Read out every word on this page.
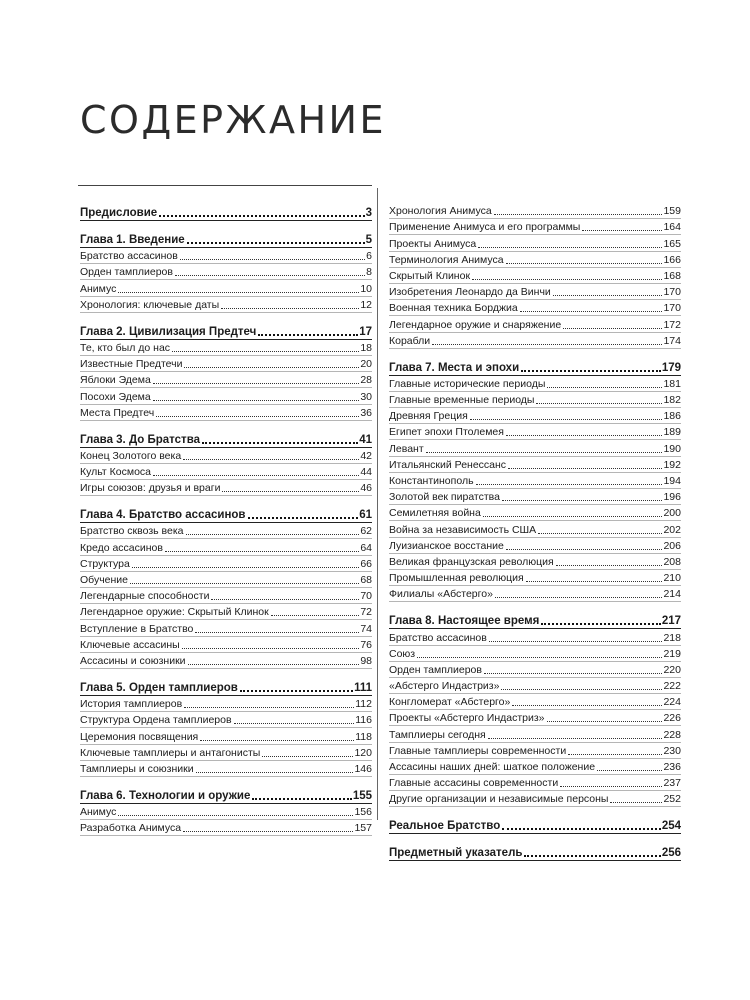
СОДЕРЖАНИЕ
Предисловие	3
Глава 1. Введение	5
Братство ассасинов	6
Орден тамплиеров	8
Анимус	10
Хронология: ключевые даты	12
Глава 2. Цивилизация Предтеч	17
Те, кто был до нас	18
Известные Предтечи	20
Яблоки Эдема	28
Посохи Эдема	30
Места Предтеч	36
Глава 3. До Братства	41
Конец Золотого века	42
Культ Космоса	44
Игры союзов: друзья и враги	46
Глава 4. Братство ассасинов	61
Братство сквозь века	62
Кредо ассасинов	64
Структура	66
Обучение	68
Легендарные способности	70
Легендарное оружие: Скрытый Клинок	72
Вступление в Братство	74
Ключевые ассасины	76
Ассасины и союзники	98
Глава 5. Орден тамплиеров	111
История тамплиеров	112
Структура Ордена тамплиеров	116
Церемония посвящения	118
Ключевые тамплиеры и антагонисты	120
Тамплиеры и союзники	146
Глава 6. Технологии и оружие	155
Анимус	156
Разработка Анимуса	157
Хронология Анимуса	159
Применение Анимуса и его программы	164
Проекты Анимуса	165
Терминология Анимуса	166
Скрытый Клинок	168
Изобретения Леонардо да Винчи	170
Военная техника Борджиа	170
Легендарное оружие и снаряжение	172
Корабли	174
Глава 7. Места и эпохи	179
Главные исторические периоды	181
Главные временные периоды	182
Древняя Греция	186
Египет эпохи Птолемея	189
Левант	190
Итальянский Ренессанс	192
Константинополь	194
Золотой век пиратства	196
Семилетняя война	200
Война за независимость США	202
Луизианское восстание	206
Великая французская революция	208
Промышленная революция	210
Филиалы «Абстерго»	214
Глава 8. Настоящее время	217
Братство ассасинов	218
Союз	219
Орден тамплиеров	220
«Абстерго Индастриз»	222
Конгломерат «Абстерго»	224
Проекты «Абстерго Индастриз»	226
Тамплиеры сегодня	228
Главные тамплиеры современности	230
Ассасины наших дней: шаткое положение	236
Главные ассасины современности	237
Другие организации и независимые персоны	252
Реальное Братство	254
Предметный указатель	256
